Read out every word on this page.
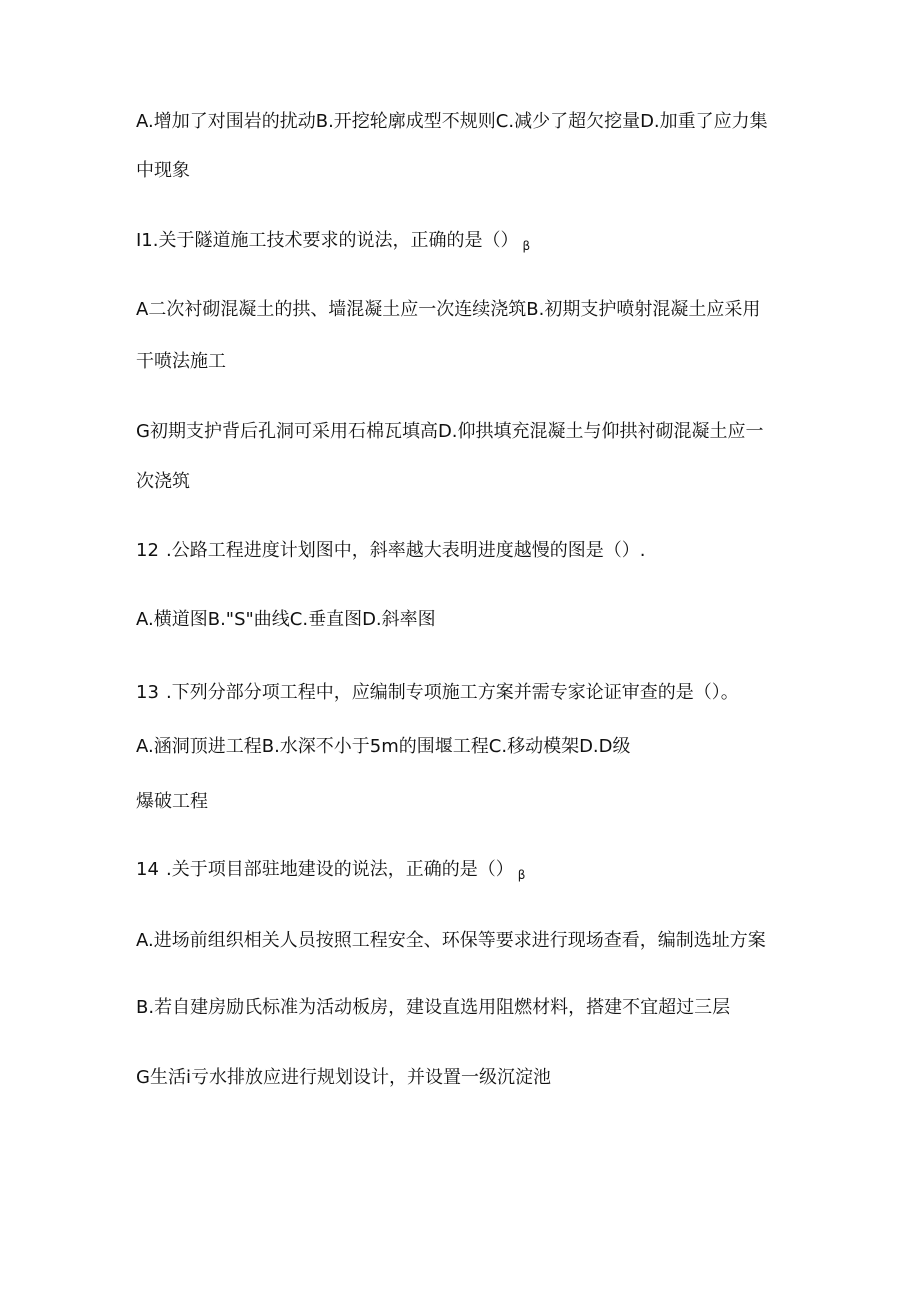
A.增加了对围岩的扰动B.开挖轮廓成型不规则C.减少了超欠挖量D.加重了应力集

中现象

I1.关于隧道施工技术要求的说法，正确的是（） $_\beta$

A二次衬砌混凝土的拱、墙混凝土应一次连续浇筑B.初期支护喷射混凝土应采用

干喷法施工

G初期支护背后孔洞可采用石棉瓦填高D.仰拱填充混凝土与仰拱衬砌混凝土应一

次浇筑

12 .公路工程进度计划图中，斜率越大表明进度越慢的图是（）.

A.横道图B."S"曲线C.垂直图D.斜率图

13 .下列分部分项工程中，应编制专项施工方案并需专家论证审查的是（）。

A.涵洞顶进工程B.水深不小于5m的围堰工程C.移动模架D.D级

爆破工程

14 .关于项目部驻地建设的说法，正确的是（） $_\beta$

A.进场前组织相关人员按照工程安全、环保等要求进行现场查看，编制选址方案

B.若自建房励氏标准为活动板房，建设直选用阻燃材料，搭建不宜超过三层

G生活i亏水排放应进行规划设计，并设置一级沉淀池
